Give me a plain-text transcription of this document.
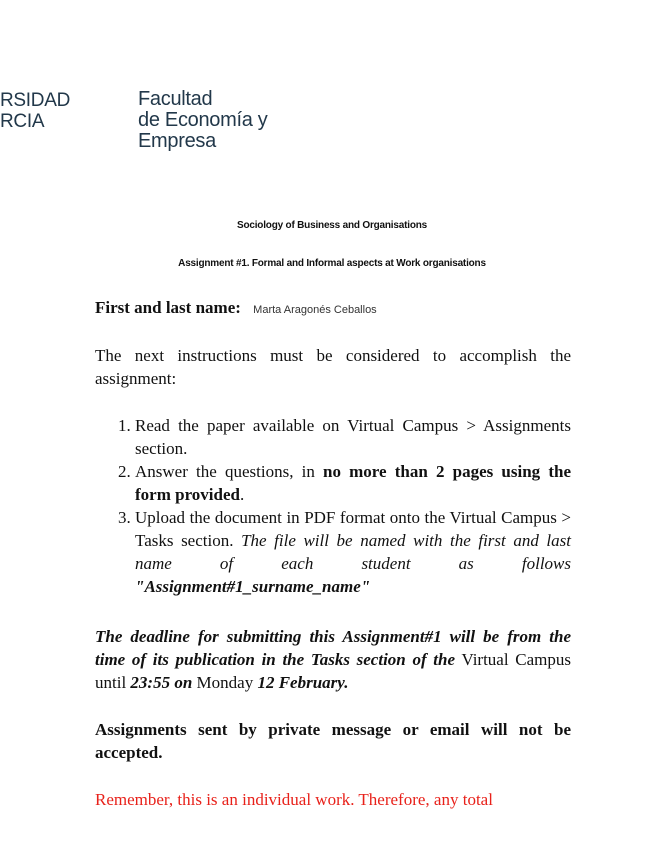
RSIDAD
RCIA
Facultad
de Economía y
Empresa
Sociology of Business and Organisations
Assignment #1. Formal and Informal aspects at Work organisations
First and last name: Marta Aragonés Ceballos
The next instructions must be considered to accomplish the assignment:
1. Read the paper available on Virtual Campus > Assignments section.
2. Answer the questions, in no more than 2 pages using the form provided.
3. Upload the document in PDF format onto the Virtual Campus > Tasks section. The file will be named with the first and last name of each student as follows "Assignment#1_surname_name"
The deadline for submitting this Assignment#1 will be from the time of its publication in the Tasks section of the Virtual Campus until 23:55 on Monday 12 February.
Assignments sent by private message or email will not be accepted.
Remember, this is an individual work. Therefore, any total
